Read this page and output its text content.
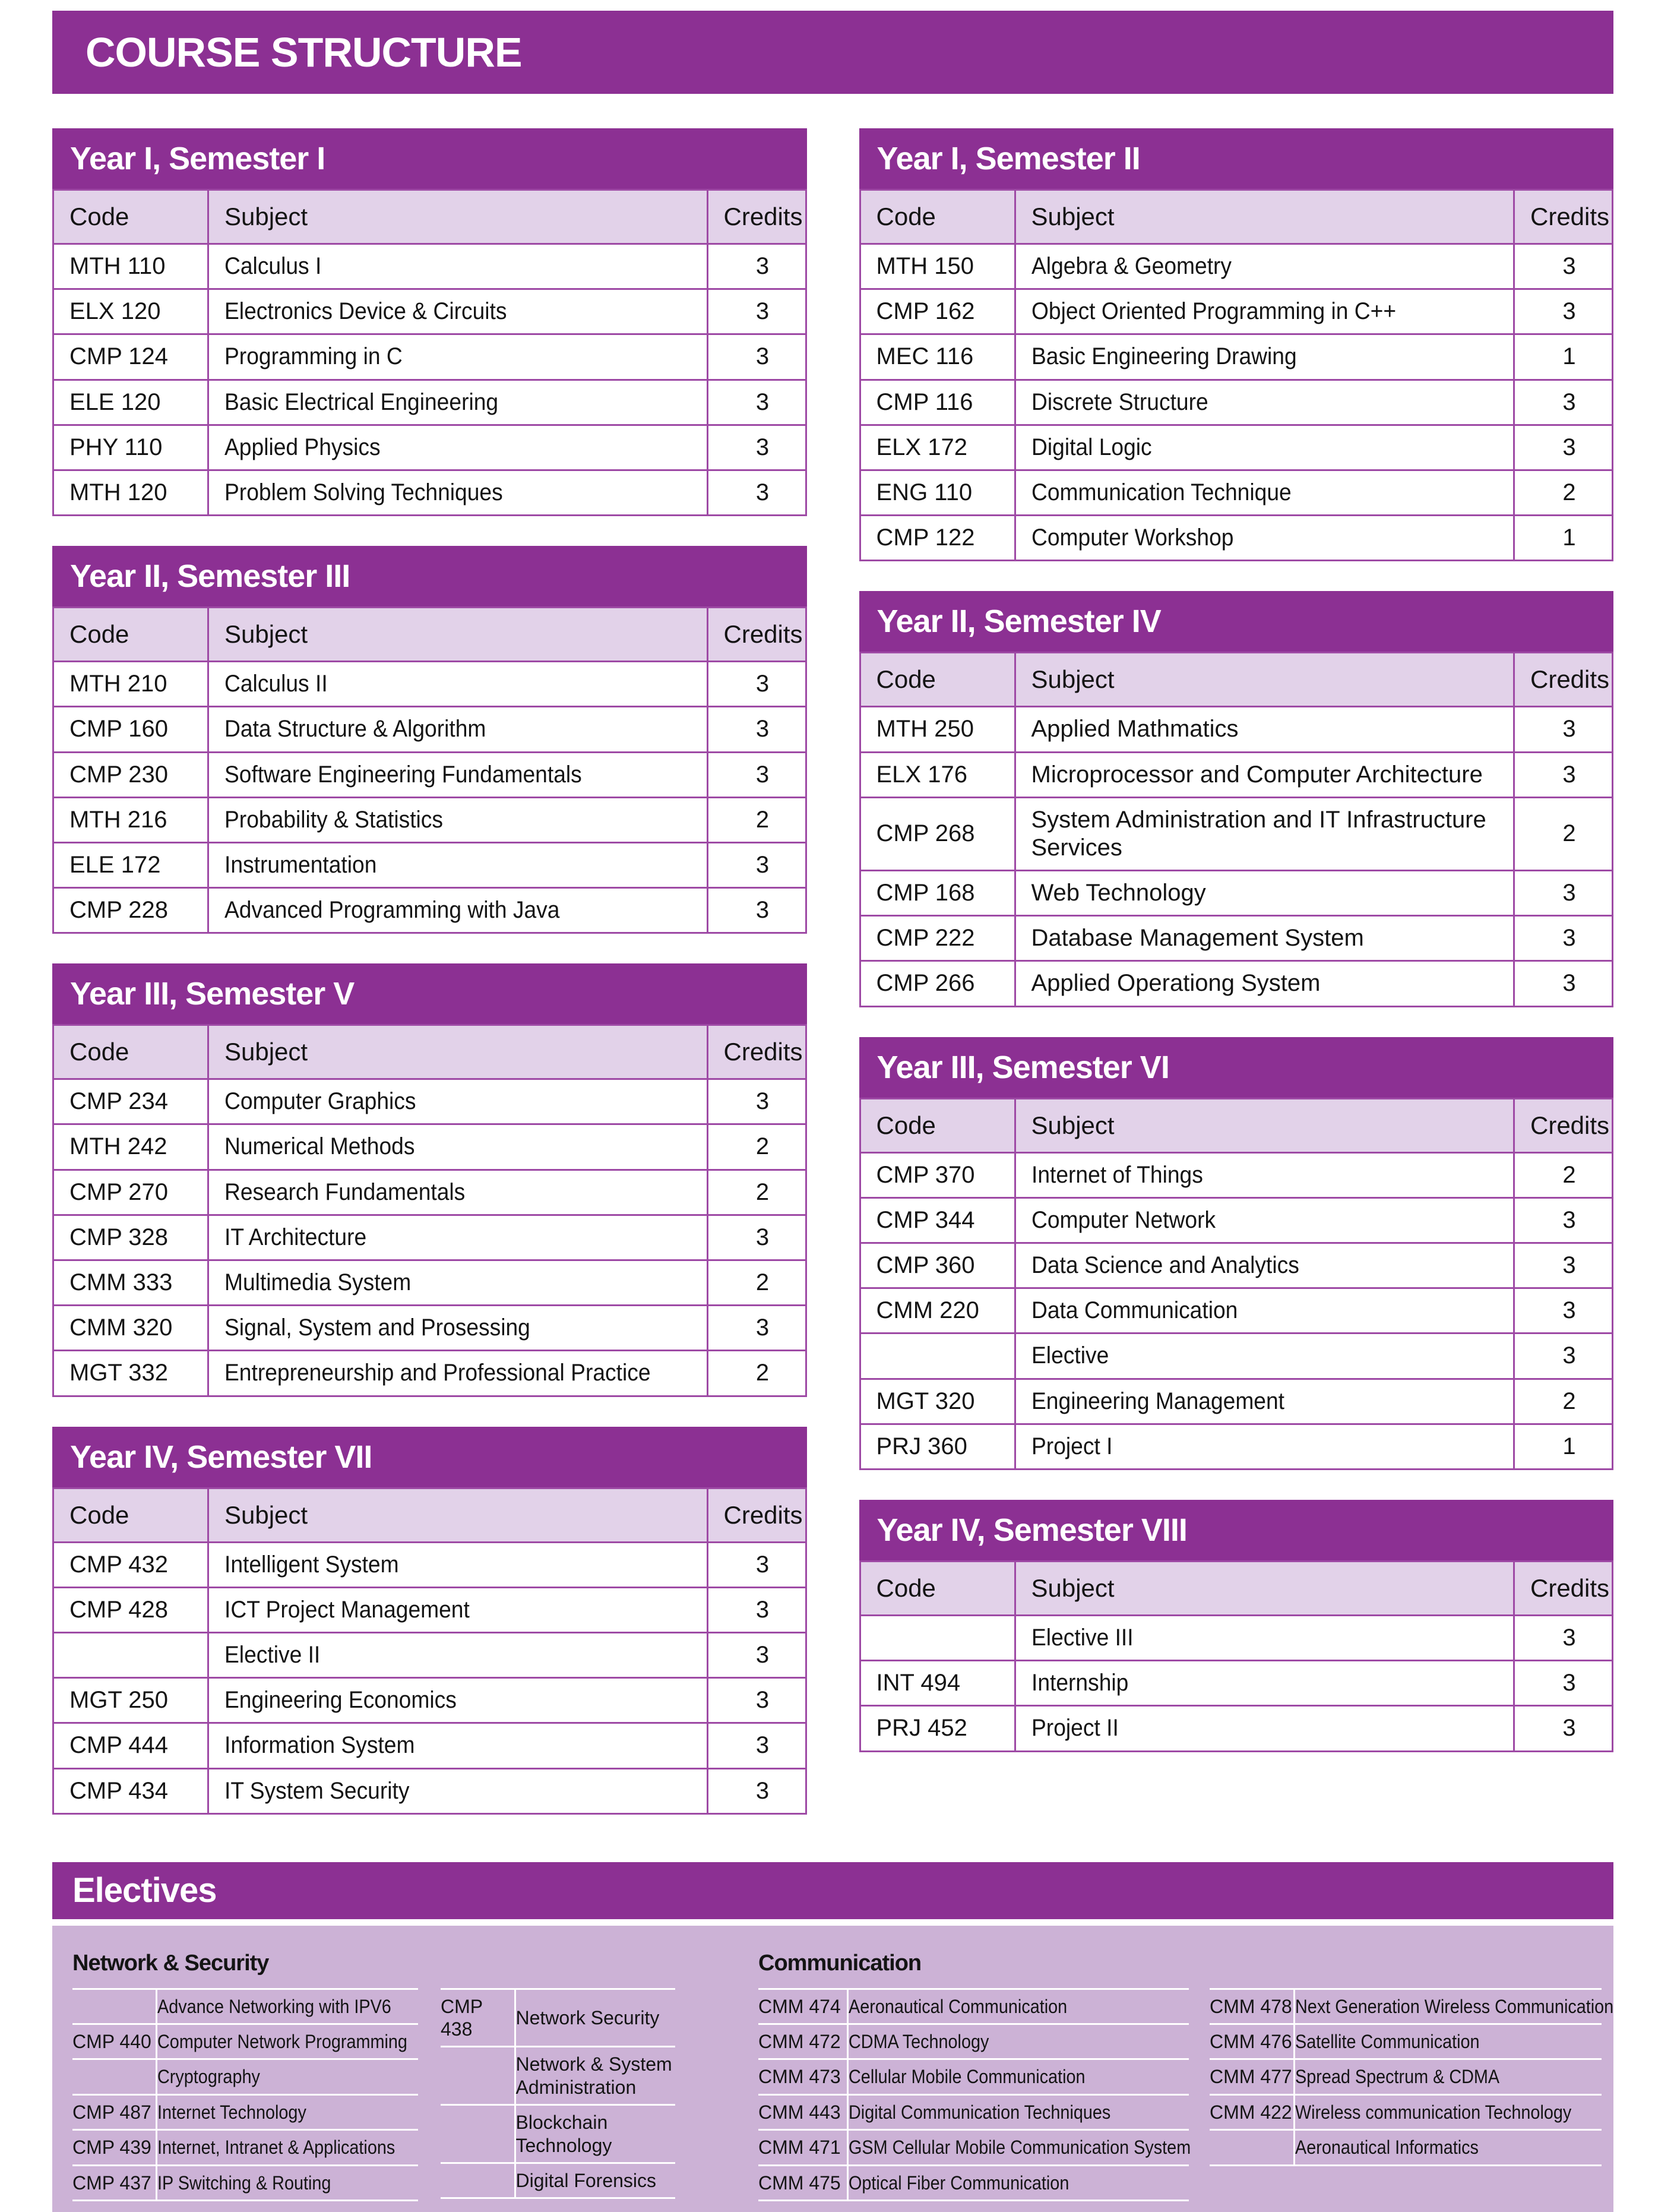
COURSE STRUCTURE
Year I, Semester I
Code	Subject	Credits
MTH 110	Calculus I	3
ELX 120	Electronics Device & Circuits	3
CMP 124	Programming in C	3
ELE 120	Basic Electrical Engineering	3
PHY 110	Applied Physics	3
MTH 120	Problem Solving Techniques	3
Year II, Semester III
Code	Subject	Credits
MTH 210	Calculus II	3
CMP 160	Data Structure & Algorithm	3
CMP 230	Software Engineering Fundamentals	3
MTH 216	Probability & Statistics	2
ELE 172	Instrumentation	3
CMP 228	Advanced Programming with Java	3
Year III, Semester V
Code	Subject	Credits
CMP 234	Computer Graphics	3
MTH 242	Numerical Methods	2
CMP 270	Research Fundamentals	2
CMP 328	IT Architecture	3
CMM 333	Multimedia System	2
CMM 320	Signal, System and Prosessing	3
MGT 332	Entrepreneurship and Professional Practice	2
Year IV, Semester VII
Code	Subject	Credits
CMP 432	Intelligent System	3
CMP 428	ICT Project Management	3
	Elective II	3
MGT 250	Engineering Economics	3
CMP 444	Information System	3
CMP 434	IT System Security	3
Year I, Semester II
Code	Subject	Credits
MTH 150	Algebra & Geometry	3
CMP 162	Object Oriented Programming in C++	3
MEC 116	Basic Engineering Drawing	1
CMP 116	Discrete Structure	3
ELX 172	Digital Logic	3
ENG 110	Communication Technique	2
CMP 122	Computer Workshop	1
Year II, Semester IV
Code	Subject	Credits
MTH 250	Applied Mathmatics	3
ELX 176	Microprocessor and Computer Architecture	3
CMP 268	System Administration and IT Infrastructure Services	2
CMP 168	Web Technology	3
CMP 222	Database Management System	3
CMP 266	Applied Operationg System	3
Year III, Semester VI
Code	Subject	Credits
CMP 370	Internet of Things	2
CMP 344	Computer Network	3
CMP 360	Data Science and Analytics	3
CMM 220	Data Communication	3
	Elective	3
MGT 320	Engineering Management	2
PRJ 360	Project I	1
Year IV, Semester VIII
Code	Subject	Credits
	Elective III	3
INT 494	Internship	3
PRJ 452	Project II	3
Electives
Network & Security
	Advance Networking with IPV6
CMP 440	Computer Network Programming
	Cryptography
CMP 487	Internet Technology
CMP 439	Internet, Intranet & Applications
CMP 437	IP Switching & Routing
CMP 438	Network Security
	Network & System Administration
	Blockchain Technology
	Digital Forensics
Communication
CMM 474	Aeronautical Communication
CMM 472	CDMA Technology
CMM 473	Cellular Mobile Communication
CMM 443	Digital Communication Techniques
CMM 471	GSM Cellular Mobile Communication System
CMM 475	Optical Fiber Communication
CMM 478	Next Generation Wireless Communication
CMM 476	Satellite Communication
CMM 477	Spread Spectrum & CDMA
CMM 422	Wireless communication Technology
	Aeronautical Informatics
